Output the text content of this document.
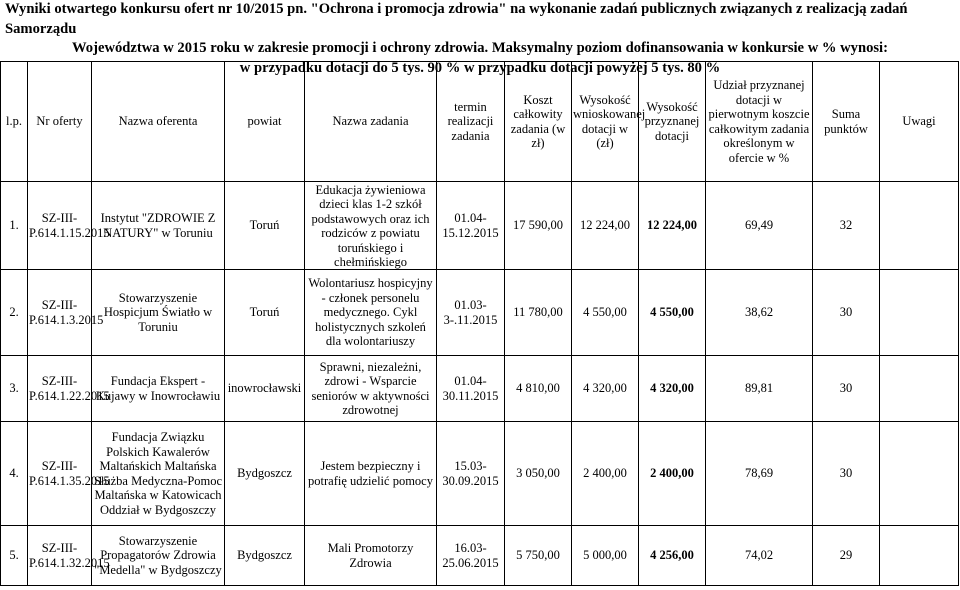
Wyniki otwartego konkursu ofert nr 10/2015 pn. "Ochrona i promocja zdrowia" na wykonanie zadań publicznych związanych z realizacją zadań Samorządu
Województwa w 2015 roku w zakresie promocji i ochrony zdrowia. Maksymalny poziom dofinansowania w konkursie w % wynosi:
w przypadku dotacji do 5 tys. 90 % w przypadku dotacji powyżej 5 tys. 80 %
l.p.	Nr oferty	Nazwa oferenta	powiat	Nazwa zadania	termin realizacji zadania	Koszt całkowity zadania (w zł)	Wysokość wnioskowanej dotacji w (zł)	Wysokość przyznanej dotacji	Udział przyznanej dotacji w pierwotnym koszcie całkowitym zadania określonym w ofercie w %	Suma punktów	Uwagi
1.	SZ-III-P.614.1.15.2015	Instytut "ZDROWIE Z NATURY" w Toruniu	Toruń	Edukacja żywieniowa dzieci klas 1-2 szkół podstawowych oraz ich rodziców z powiatu toruńskiego i chełmińskiego	01.04-15.12.2015	17 590,00	12 224,00	12 224,00	69,49	32	
2.	SZ-III-P.614.1.3.2015	Stowarzyszenie Hospicjum Światło w Toruniu	Toruń	Wolontariusz hospicyjny - członek personelu medycznego. Cykl holistycznych szkoleń dla wolontariuszy	01.03-3-.11.2015	11 780,00	4 550,00	4 550,00	38,62	30	
3.	SZ-III-P.614.1.22.2015	Fundacja Ekspert - Kujawy w Inowrocławiu	inowrocławski	Sprawni, niezależni, zdrowi - Wsparcie seniorów w aktywności zdrowotnej	01.04-30.11.2015	4 810,00	4 320,00	4 320,00	89,81	30	
4.	SZ-III-P.614.1.35.2015	Fundacja Związku Polskich Kawalerów Maltańskich Maltańska Służba Medyczna-Pomoc Maltańska w Katowicach Oddział w Bydgoszczy	Bydgoszcz	Jestem bezpieczny i potrafię udzielić pomocy	15.03-30.09.2015	3 050,00	2 400,00	2 400,00	78,69	30	
5.	SZ-III-P.614.1.32.2015	Stowarzyszenie Propagatorów Zdrowia "Medella" w Bydgoszczy	Bydgoszcz	Mali Promotorzy Zdrowia	16.03-25.06.2015	5 750,00	5 000,00	4 256,00	74,02	29	
